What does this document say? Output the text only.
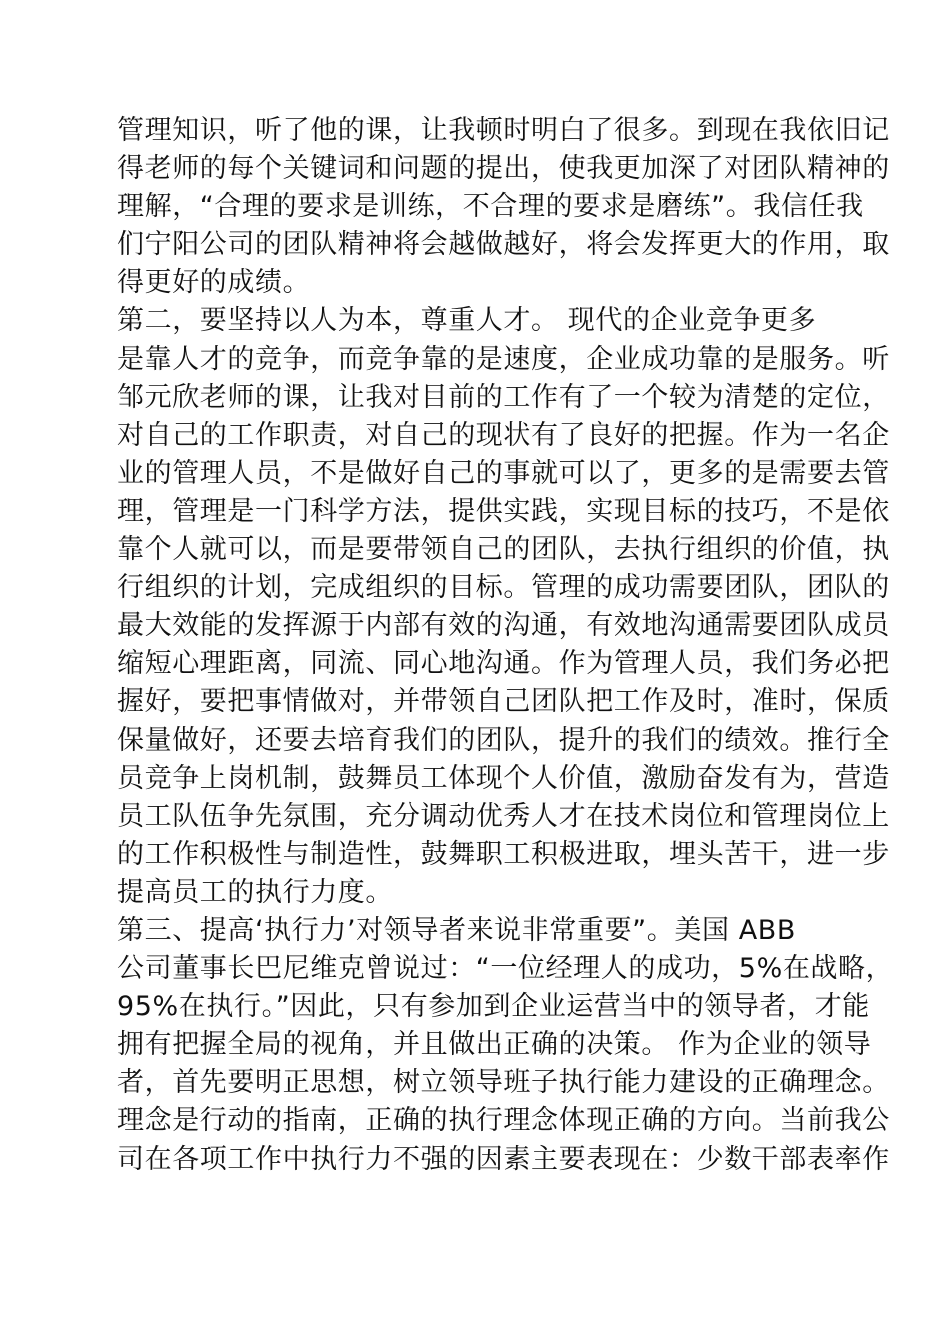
管理知识，听了他的课，让我顿时明白了很多。到现在我依旧记
得老师的每个关键词和问题的提出，使我更加深了对团队精神的
理解，“合理的要求是训练，不合理的要求是磨练”。我信任我
们宁阳公司的团队精神将会越做越好，将会发挥更大的作用，取
得更好的成绩。
第二，要坚持以人为本，尊重人才。 现代的企业竞争更多
是靠人才的竞争，而竞争靠的是速度，企业成功靠的是服务。听
邹元欣老师的课，让我对目前的工作有了一个较为清楚的定位，
对自己的工作职责，对自己的现状有了良好的把握。作为一名企
业的管理人员，不是做好自己的事就可以了，更多的是需要去管
理，管理是一门科学方法，提供实践，实现目标的技巧，不是依
靠个人就可以，而是要带领自己的团队，去执行组织的价值，执
行组织的计划，完成组织的目标。管理的成功需要团队，团队的
最大效能的发挥源于内部有效的沟通，有效地沟通需要团队成员
缩短心理距离，同流、同心地沟通。作为管理人员，我们务必把
握好，要把事情做对，并带领自己团队把工作及时，准时，保质
保量做好，还要去培育我们的团队，提升的我们的绩效。推行全
员竞争上岗机制，鼓舞员工体现个人价值，激励奋发有为，营造
员工队伍争先氛围，充分调动优秀人才在技术岗位和管理岗位上
的工作积极性与制造性，鼓舞职工积极进取，埋头苦干，进一步
提高员工的执行力度。
第三、提高‘执行力’对领导者来说非常重要”。美国 ABB
公司董事长巴尼维克曾说过：“一位经理人的成功，5%在战略，
95%在执行。”因此，只有参加到企业运营当中的领导者，才能
拥有把握全局的视角，并且做出正确的决策。 作为企业的领导
者，首先要明正思想，树立领导班子执行能力建设的正确理念。
理念是行动的指南，正确的执行理念体现正确的方向。当前我公
司在各项工作中执行力不强的因素主要表现在：少数干部表率作
